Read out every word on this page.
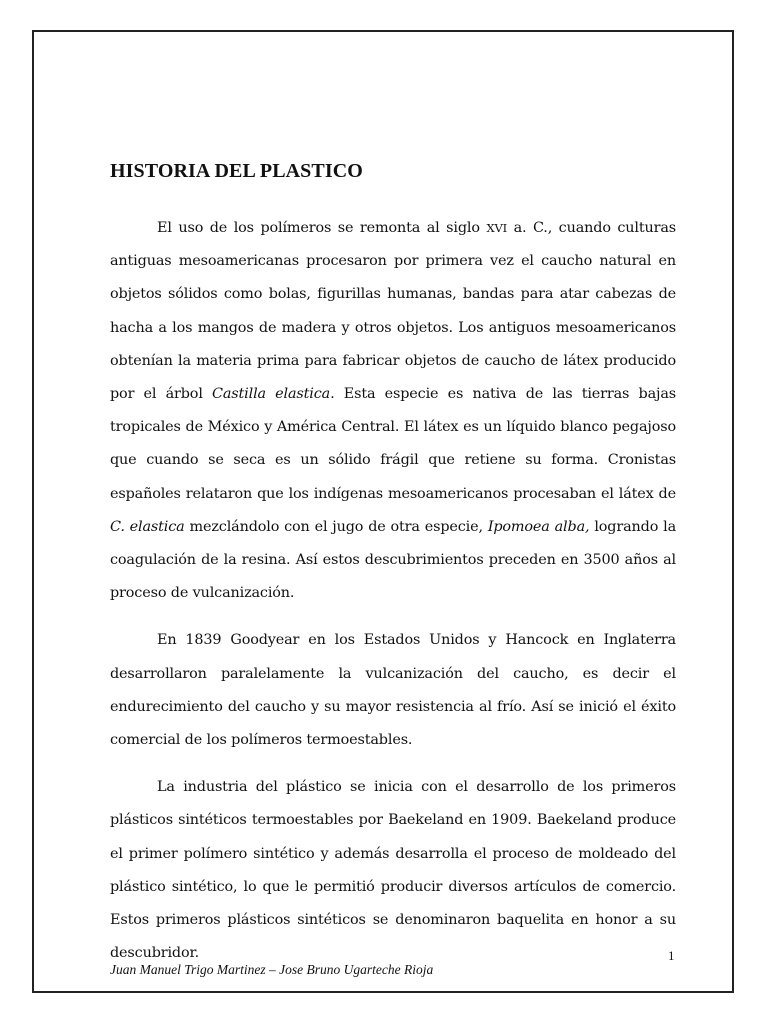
HISTORIA DEL PLASTICO

El uso de los polímeros se remonta al siglo XVI a. C., cuando culturas antiguas mesoamericanas procesaron por primera vez el caucho natural en objetos sólidos como bolas, figurillas humanas, bandas para atar cabezas de hacha a los mangos de madera y otros objetos. Los antiguos mesoamericanos obtenían la materia prima para fabricar objetos de caucho de látex producido por el árbol Castilla elastica. Esta especie es nativa de las tierras bajas tropicales de México y América Central. El látex es un líquido blanco pegajoso que cuando se seca es un sólido frágil que retiene su forma. Cronistas españoles relataron que los indígenas mesoamericanos procesaban el látex de C. elastica mezclándolo con el jugo de otra especie, Ipomoea alba, logrando la coagulación de la resina. Así estos descubrimientos preceden en 3500 años al proceso de vulcanización.

En 1839 Goodyear en los Estados Unidos y Hancock en Inglaterra desarrollaron paralelamente la vulcanización del caucho, es decir el endurecimiento del caucho y su mayor resistencia al frío. Así se inició el éxito comercial de los polímeros termoestables.

La industria del plástico se inicia con el desarrollo de los primeros plásticos sintéticos termoestables por Baekeland en 1909. Baekeland produce el primer polímero sintético y además desarrolla el proceso de moldeado del plástico sintético, lo que le permitió producir diversos artículos de comercio. Estos primeros plásticos sintéticos se denominaron baquelita en honor a su descubridor.	1
Juan Manuel Trigo Martinez – Jose Bruno Ugarteche Rioja
